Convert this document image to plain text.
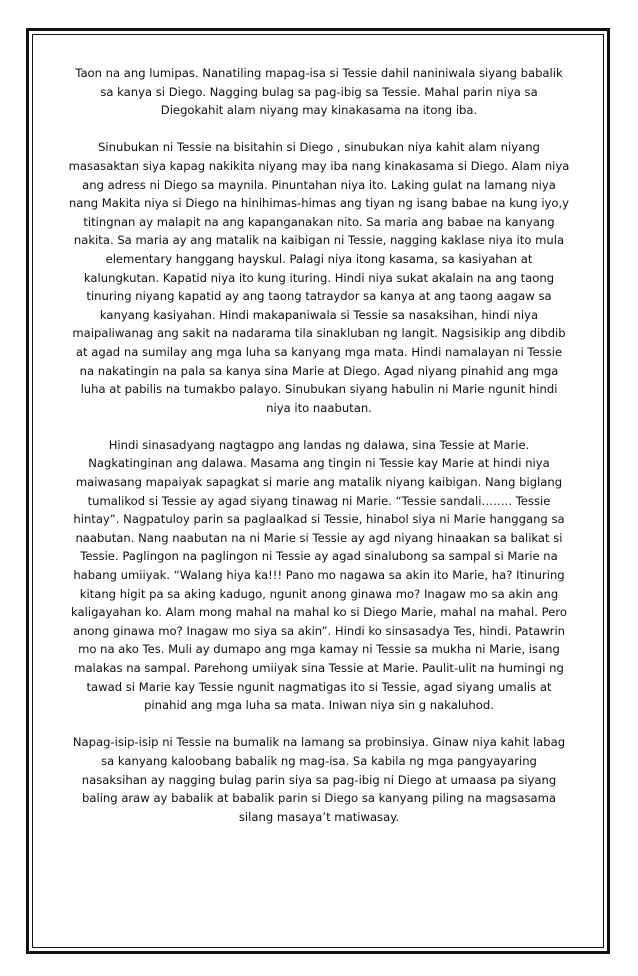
Taon na ang lumipas. Nanatiling mapag-isa si Tessie dahil naniniwala siyang babalik sa kanya si Diego. Nagging bulag sa pag-ibig sa Tessie. Mahal parin niya sa Diegokahit alam niyang may kinakasama na itong iba.

Sinubukan ni Tessie na bisitahin si Diego , sinubukan niya kahit alam niyang masasaktan siya kapag nakikita niyang may iba nang kinakasama si Diego. Alam niya ang adress ni Diego sa maynila. Pinuntahan niya ito. Laking gulat na lamang niya nang Makita niya si Diego na hinihimas-himas ang tiyan ng isang babae na kung iyo,y titingnan ay malapit na ang kapanganakan nito. Sa maria ang babae na kanyang nakita. Sa maria ay ang matalik na kaibigan ni Tessie, nagging kaklase niya ito mula elementary hanggang hayskul. Palagi niya itong kasama, sa kasiyahan at kalungkutan. Kapatid niya ito kung ituring. Hindi niya sukat akalain na ang taong tinuring niyang kapatid ay ang taong tatraydor sa kanya at ang taong aagaw sa kanyang kasiyahan. Hindi makapaniwala si Tessie sa nasaksihan, hindi niya maipaliwanag ang sakit na nadarama tila sinakluban ng langit. Nagsisikip ang dibdib at agad na sumilay ang mga luha sa kanyang mga mata. Hindi namalayan ni Tessie na nakatingin na pala sa kanya sina Marie at Diego. Agad niyang pinahid ang mga luha at pabilis na tumakbo palayo. Sinubukan siyang habulin ni Marie ngunit hindi niya ito naabutan.

Hindi sinasadyang nagtagpo ang landas ng dalawa, sina Tessie at Marie. Nagkatinginan ang dalawa. Masama ang tingin ni Tessie kay Marie at hindi niya maiwasang mapaiyak sapagkat si marie ang matalik niyang kaibigan. Nang biglang tumalikod si Tessie ay agad siyang tinawag ni Marie. “Tessie sandali…….. Tessie hintay”. Nagpatuloy parin sa paglaalkad si Tessie, hinabol siya ni Marie hanggang sa naabutan. Nang naabutan na ni Marie si Tessie ay agd niyang hinaakan sa balikat si Tessie. Paglingon na paglingon ni Tessie ay agad sinalubong sa sampal si Marie na habang umiiyak. “Walang hiya ka!!! Pano mo nagawa sa akin ito Marie, ha? Itinuring kitang higit pa sa aking kadugo, ngunit anong ginawa mo? Inagaw mo sa akin ang kaligayahan ko. Alam mong mahal na mahal ko si Diego Marie, mahal na mahal. Pero anong ginawa mo? Inagaw mo siya sa akin”. Hindi ko sinsasadya Tes, hindi. Patawrin mo na ako Tes. Muli ay dumapo ang mga kamay ni Tessie sa mukha ni Marie, isang malakas na sampal. Parehong umiiyak sina Tessie at Marie. Paulit-ulit na humingi ng tawad si Marie kay Tessie ngunit nagmatigas ito si Tessie, agad siyang umalis at pinahid ang mga luha sa mata. Iniwan niya sin g nakaluhod.

Napag-isip-isip ni Tessie na bumalik na lamang sa probinsiya. Ginaw niya kahit labag sa kanyang kaloobang babalik ng mag-isa. Sa kabila ng mga pangyayaring nasaksihan ay nagging bulag parin siya sa pag-ibig ni Diego at umaasa pa siyang baling araw ay babalik at babalik parin si Diego sa kanyang piling na magsasama silang masaya’t matiwasay.
